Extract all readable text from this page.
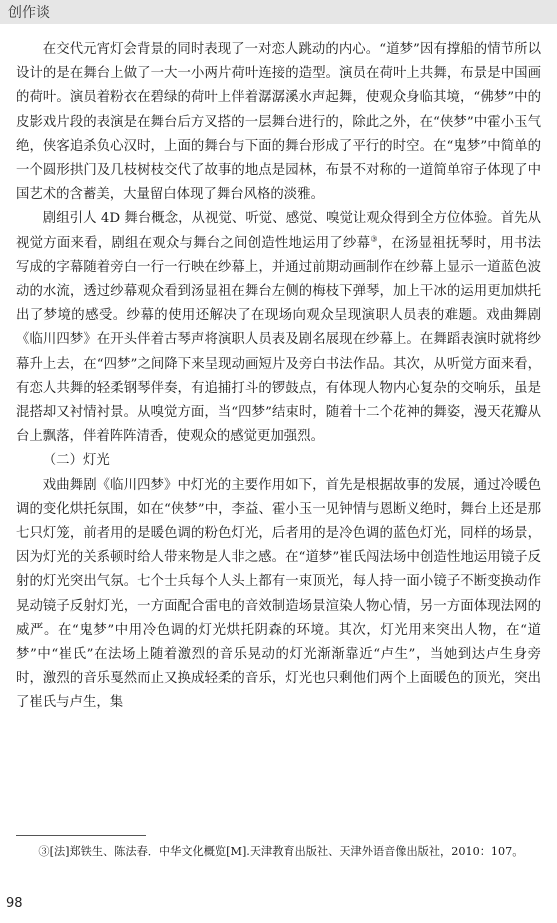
创作谈

在交代元宵灯会背景的同时表现了一对恋人跳动的内心。“道梦”因有撑船的情节所以设计的是在舞台上做了一大一小两片荷叶连接的造型。演员在荷叶上共舞，布景是中国画的荷叶。演员着粉衣在碧绿的荷叶上伴着潺潺溪水声起舞，使观众身临其境，“佛梦”中的皮影戏片段的表演是在舞台后方叉搭的一层舞台进行的，除此之外，在“侠梦”中霍小玉气绝，侠客追杀负心汉时，上面的舞台与下面的舞台形成了平行的时空。在“鬼梦”中简单的一个圆形拱门及几枝树枝交代了故事的地点是园林，布景不对称的一道简单帘子体现了中国艺术的含蓄美，大量留白体现了舞台风格的淡雅。

剧组引人 4D 舞台概念，从视觉、听觉、感觉、嗅觉让观众得到全方位体验。首先从视觉方面来看，剧组在观众与舞台之间创造性地运用了纱幕③，在汤显祖抚琴时，用书法写成的字幕随着旁白一行一行映在纱幕上，并通过前期动画制作在纱幕上显示一道蓝色波动的水流，透过纱幕观众看到汤显祖在舞台左侧的梅枝下弹琴，加上干冰的运用更加烘托出了梦境的感受。纱幕的使用还解决了在现场向观众呈现演职人员表的难题。戏曲舞剧《临川四梦》在开头伴着古琴声将演职人员表及剧名展现在纱幕上。在舞蹈表演时就将纱幕升上去，在“四梦”之间降下来呈现动画短片及旁白书法作品。其次，从听觉方面来看，有恋人共舞的轻柔钢琴伴奏，有追捕打斗的锣鼓点，有体现人物内心复杂的交响乐，虽是混搭却又衬情衬景。从嗅觉方面，当“四梦”结束时，随着十二个花神的舞姿，漫天花瓣从台上飘落，伴着阵阵清香，使观众的感觉更加强烈。

（二）灯光

戏曲舞剧《临川四梦》中灯光的主要作用如下，首先是根据故事的发展，通过冷暖色调的变化烘托氛围，如在“侠梦”中，李益、霍小玉一见钟情与恩断义绝时，舞台上还是那七只灯笼，前者用的是暖色调的粉色灯光，后者用的是冷色调的蓝色灯光，同样的场景，因为灯光的关系顿时给人带来物是人非之感。在“道梦”崔氏闯法场中创造性地运用镜子反射的灯光突出气氛。七个士兵每个人头上都有一束顶光，每人持一面小镜子不断变换动作晃动镜子反射灯光，一方面配合雷电的音效制造场景渲染人物心情，另一方面体现法网的威严。在“鬼梦”中用冷色调的灯光烘托阴森的环境。其次，灯光用来突出人物，在“道梦”中“崔氏”在法场上随着激烈的音乐晃动的灯光渐渐靠近“卢生”，当她到达卢生身旁时，激烈的音乐戛然而止又换成轻柔的音乐，灯光也只剩他们两个上面暖色的顶光，突出了崔氏与卢生，集

③[法]郑铁生、陈法春．中华文化概览[M].天津教育出版社、天津外语音像出版社，2010：107。

98
